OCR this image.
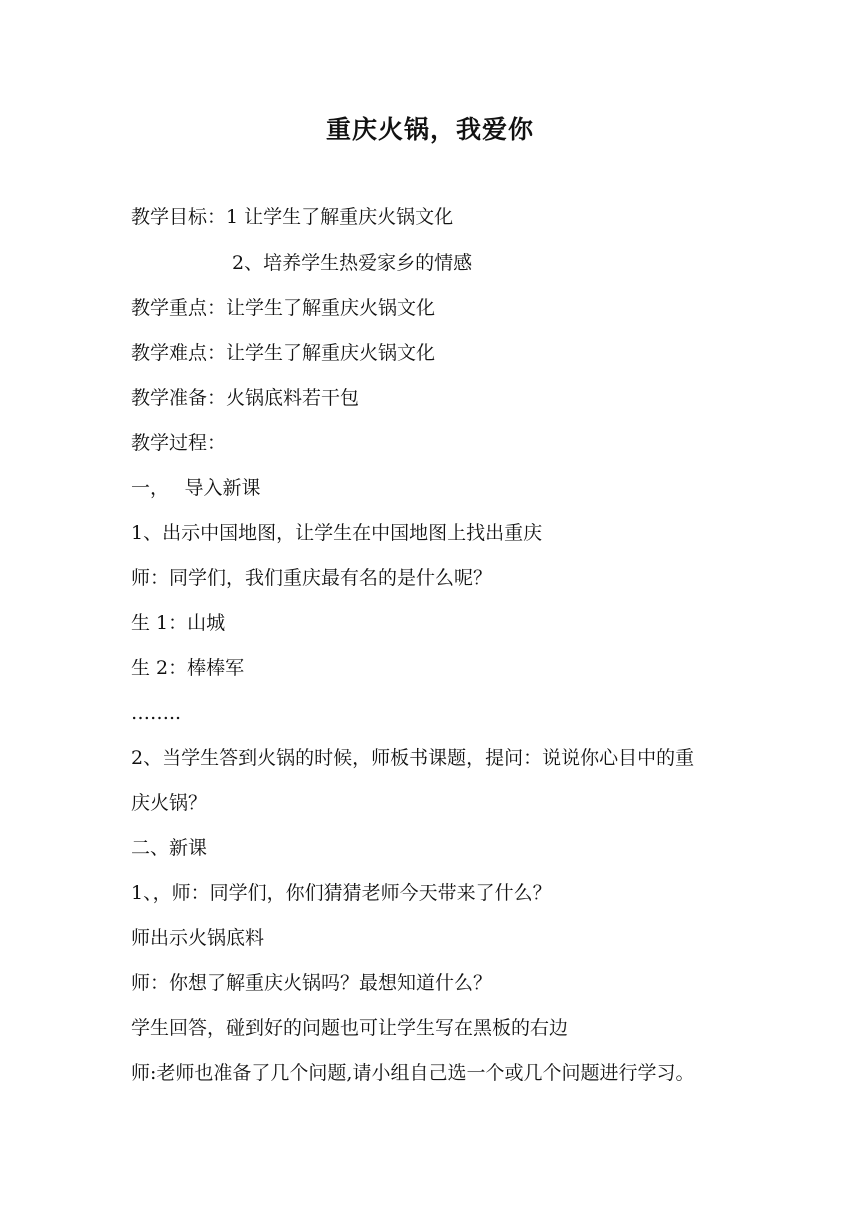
重庆火锅，我爱你
教学目标：1 让学生了解重庆火锅文化
2、培养学生热爱家乡的情感
教学重点：让学生了解重庆火锅文化
教学难点：让学生了解重庆火锅文化
教学准备：火锅底料若干包
教学过程：
一，　 导入新课
1、出示中国地图，让学生在中国地图上找出重庆
师：同学们，我们重庆最有名的是什么呢？
生 1：山城
生 2：棒棒军
……..
2、当学生答到火锅的时候，师板书课题，提问：说说你心目中的重
庆火锅？
二、新课
1、，师：同学们，你们猜猜老师今天带来了什么？
师出示火锅底料
师：你想了解重庆火锅吗？最想知道什么？
学生回答，碰到好的问题也可让学生写在黑板的右边
师:老师也准备了几个问题,请小组自己选一个或几个问题进行学习。
